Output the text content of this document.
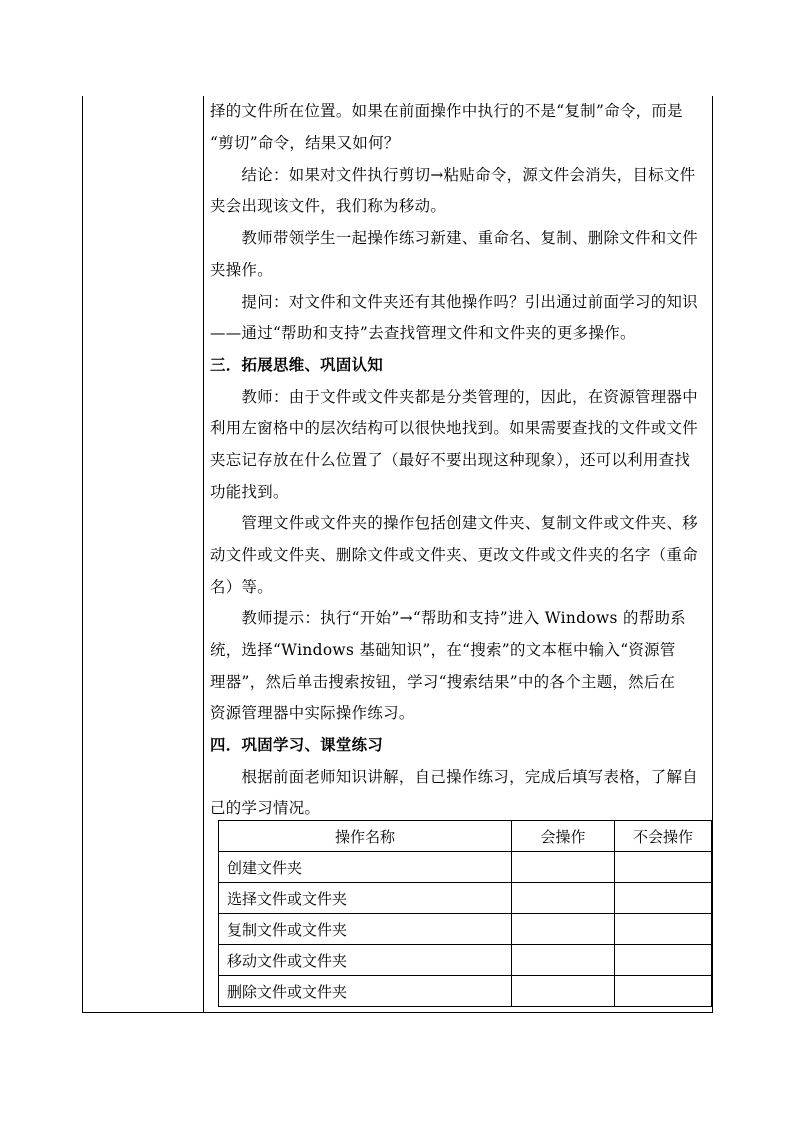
择的文件所在位置。如果在前面操作中执行的不是“复制”命令，而是
“剪切”命令，结果又如何？
　　结论：如果对文件执行剪切→粘贴命令，源文件会消失，目标文件
夹会出现该文件，我们称为移动。
　　教师带领学生一起操作练习新建、重命名、复制、删除文件和文件
夹操作。
　　提问：对文件和文件夹还有其他操作吗？引出通过前面学习的知识
——通过“帮助和支持”去查找管理文件和文件夹的更多操作。
三．拓展思维、巩固认知
　　教师：由于文件或文件夹都是分类管理的，因此，在资源管理器中
利用左窗格中的层次结构可以很快地找到。如果需要查找的文件或文件
夹忘记存放在什么位置了（最好不要出现这种现象），还可以利用查找
功能找到。
　　管理文件或文件夹的操作包括创建文件夹、复制文件或文件夹、移
动文件或文件夹、删除文件或文件夹、更改文件或文件夹的名字（重命
名）等。
　　教师提示：执行“开始”→“帮助和支持”进入 Windows 的帮助系
统，选择“Windows 基础知识”，在“搜索”的文本框中输入“资源管
理器”，然后单击搜索按钮，学习“搜索结果”中的各个主题，然后在
资源管理器中实际操作练习。
四．巩固学习、课堂练习
　　根据前面老师知识讲解，自己操作练习，完成后填写表格，了解自
己的学习情况。
操作名称	会操作	不会操作
创建文件夹		
选择文件或文件夹		
复制文件或文件夹		
移动文件或文件夹		
删除文件或文件夹		
